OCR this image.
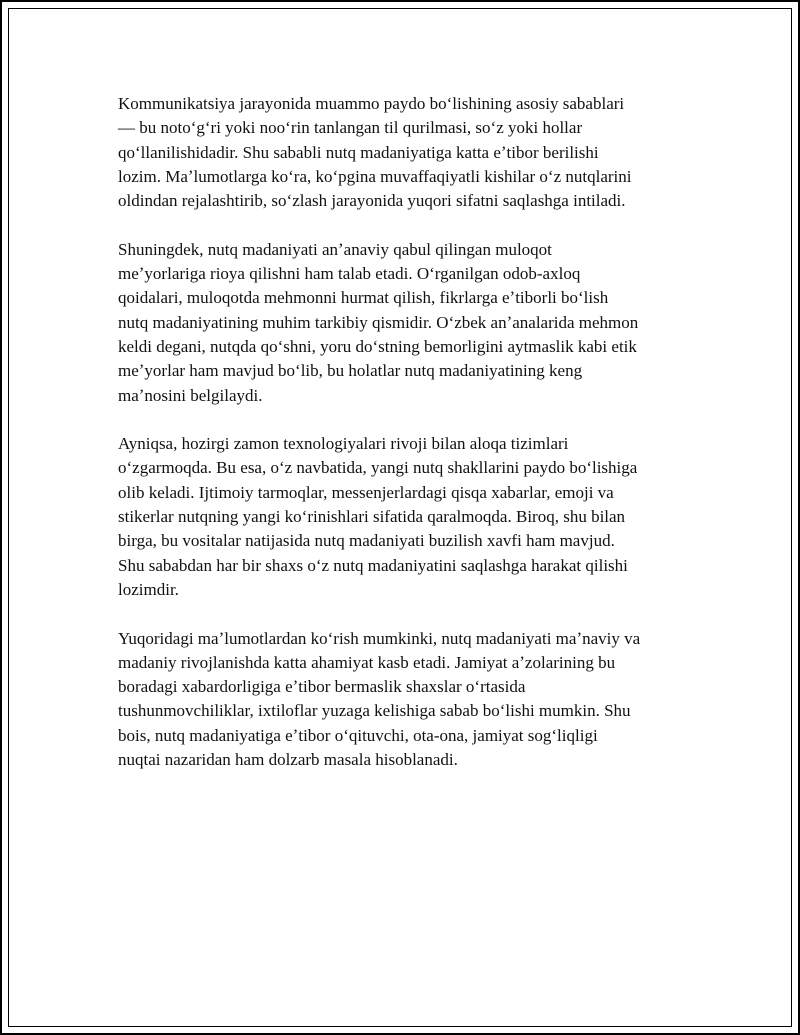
Kommunikatsiya jarayonida muammo paydo boʻlishining asosiy sabablari
— bu notoʻgʻri yoki nooʻrin tanlangan til qurilmasi, soʻz yoki hollar
qoʻllanilishidadir. Shu sababli nutq madaniyatiga katta eʼtibor berilishi
lozim. Maʼlumotlarga koʻra, koʻpgina muvaffaqiyatli kishilar oʻz nutqlarini
oldindan rejalashtirib, soʻzlash jarayonida yuqori sifatni saqlashga intiladi.

Shuningdek, nutq madaniyati anʼanaviy qabul qilingan muloqot
meʼyorlariga rioya qilishni ham talab etadi. Oʻrganilgan odob-axloq
qoidalari, muloqotda mehmonni hurmat qilish, fikrlarga eʼtiborli boʻlish
nutq madaniyatining muhim tarkibiy qismidir. Oʻzbek anʼanalarida mehmon
keldi degani, nutqda qoʻshni, yoru doʻstning bemorligini aytmaslik kabi etik
meʼyorlar ham mavjud boʻlib, bu holatlar nutq madaniyatining keng
maʼnosini belgilaydi.

Ayniqsa, hozirgi zamon texnologiyalari rivoji bilan aloqa tizimlari
oʻzgarmoqda. Bu esa, oʻz navbatida, yangi nutq shakllarini paydo boʻlishiga
olib keladi. Ijtimoiy tarmoqlar, messenjerlardagi qisqa xabarlar, emoji va
stikerlar nutqning yangi koʻrinishlari sifatida qaralmoqda. Biroq, shu bilan
birga, bu vositalar natijasida nutq madaniyati buzilish xavfi ham mavjud.
Shu sababdan har bir shaxs oʻz nutq madaniyatini saqlashga harakat qilishi
lozimdir.

Yuqoridagi maʼlumotlardan koʻrish mumkinki, nutq madaniyati maʼnaviy va
madaniy rivojlanishda katta ahamiyat kasb etadi. Jamiyat aʼzolarining bu
boradagi xabardorligiga eʼtibor bermaslik shaxslar oʻrtasida
tushunmovchiliklar, ixtiloflar yuzaga kelishiga sabab boʻlishi mumkin. Shu
bois, nutq madaniyatiga eʼtibor oʻqituvchi, ota-ona, jamiyat sogʻliqligi
nuqtai nazaridan ham dolzarb masala hisoblanadi.
